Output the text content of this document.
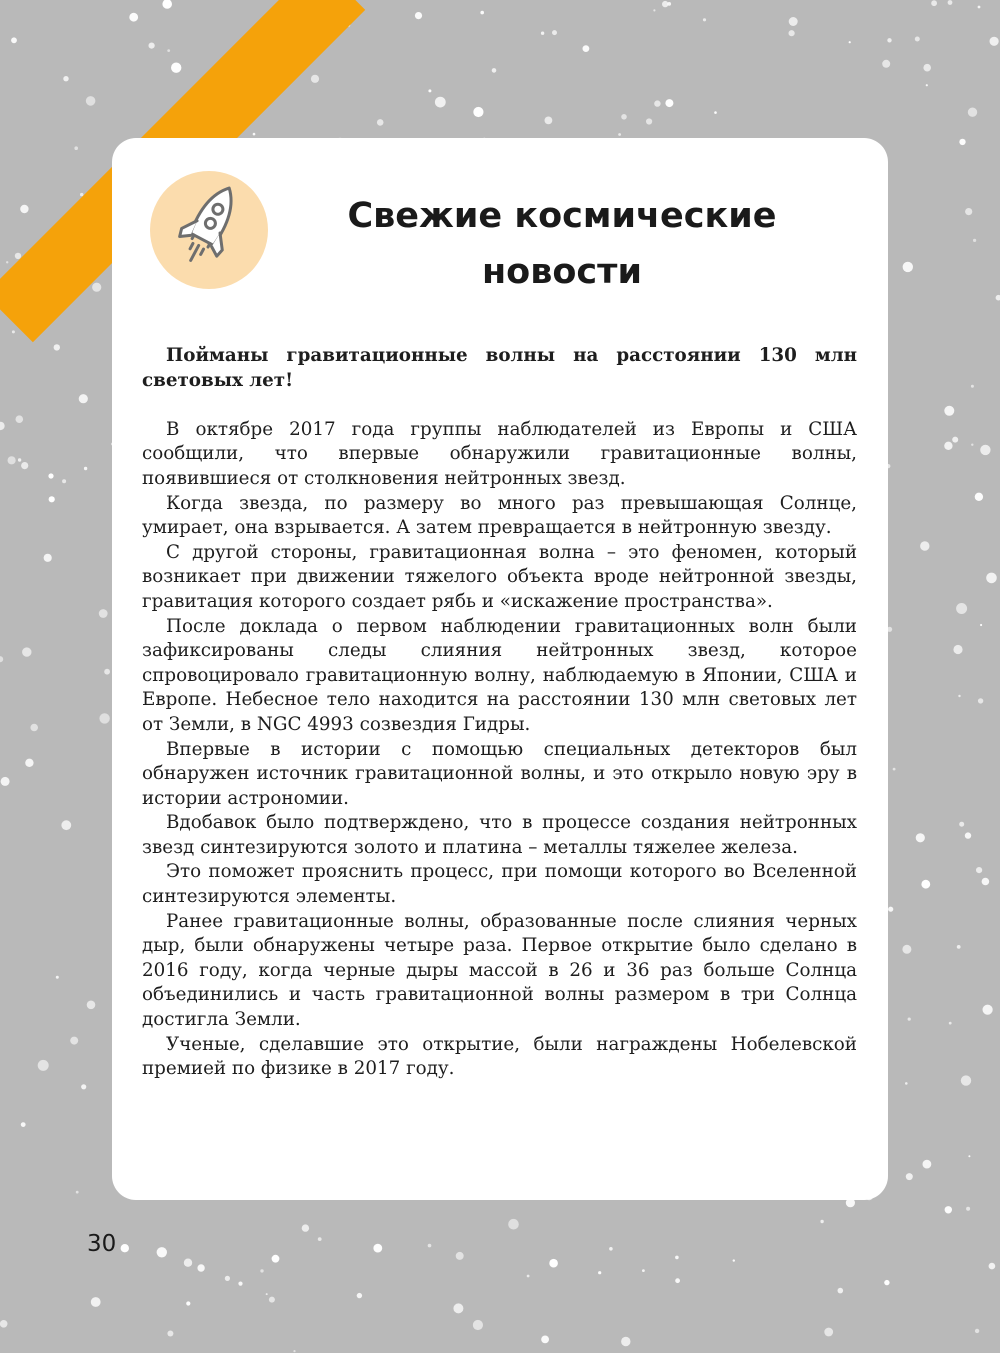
Свежие космические новости

Пойманы гравитационные волны на расстоянии 130 млн световых лет!

В октябре 2017 года группы наблюдателей из Европы и США сообщили, что впервые обнаружили гравитационные волны, появившиеся от столкновения нейтронных звезд.

Когда звезда, по размеру во много раз превышающая Солнце, умирает, она взрывается. А затем превращается в нейтронную звезду.

С другой стороны, гравитационная волна – это феномен, который возникает при движении тяжелого объекта вроде нейтронной звезды, гравитация которого создает рябь и «искажение пространства».

После доклада о первом наблюдении гравитационных волн были зафиксированы следы слияния нейтронных звезд, которое спровоцировало гравитационную волну, наблюдаемую в Японии, США и Европе. Небесное тело находится на расстоянии 130 млн световых лет от Земли, в NGC 4993 созвездия Гидры.

Впервые в истории с помощью специальных детекторов был обнаружен источник гравитационной волны, и это открыло новую эру в истории астрономии.

Вдобавок было подтверждено, что в процессе создания нейтронных звезд синтезируются золото и платина – металлы тяжелее железа.

Это поможет прояснить процесс, при помощи которого во Вселенной синтезируются элементы.

Ранее гравитационные волны, образованные после слияния черных дыр, были обнаружены четыре раза. Первое открытие было сделано в 2016 году, когда черные дыры массой в 26 и 36 раз больше Солнца объединились и часть гравитационной волны размером в три Солнца достигла Земли.

Ученые, сделавшие это открытие, были награждены Нобелевской премией по физике в 2017 году.

30
